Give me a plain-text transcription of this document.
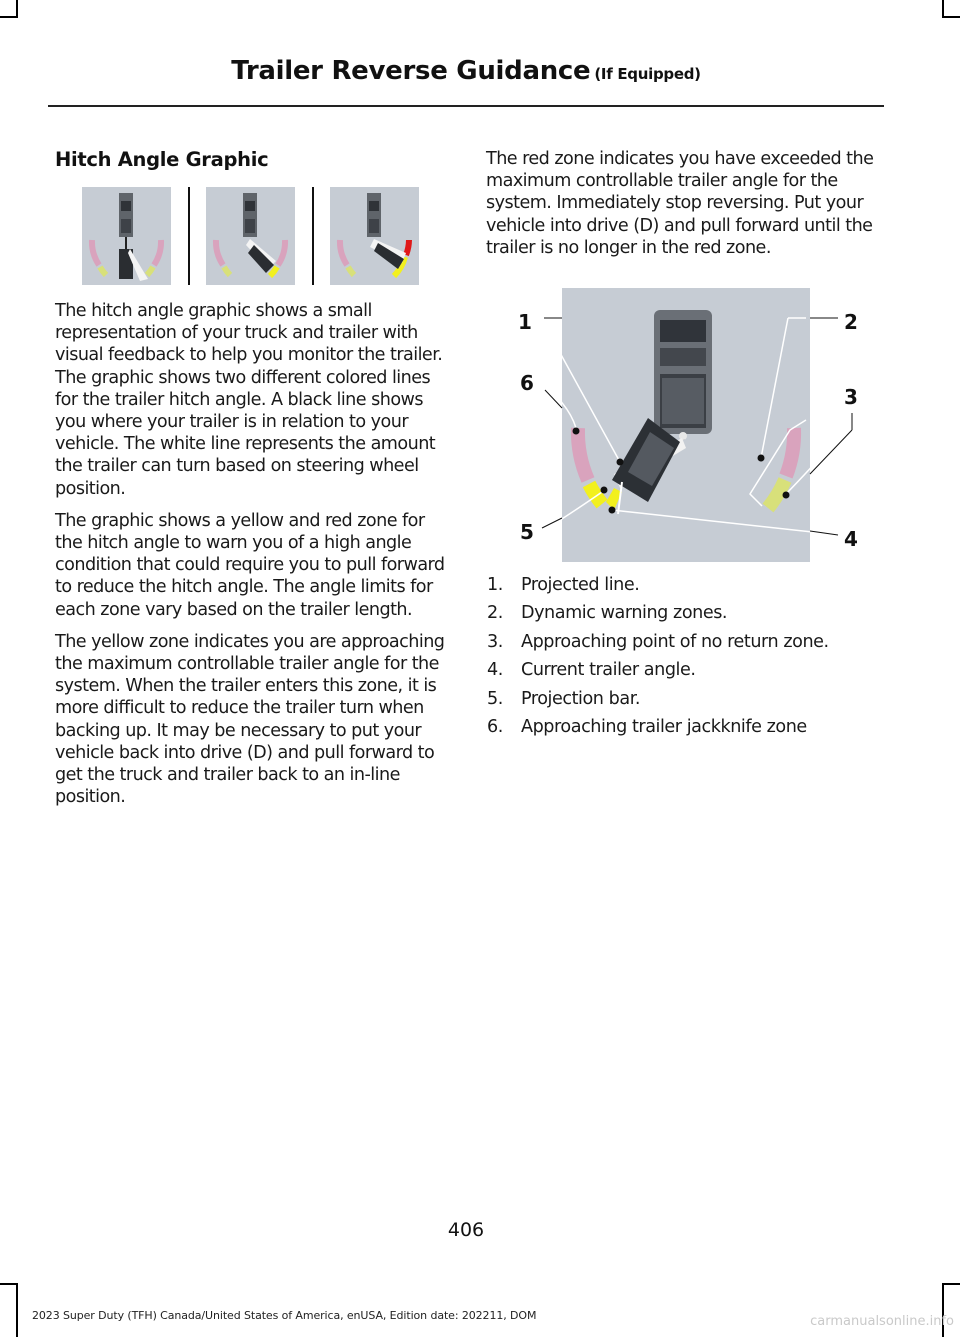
Trailer Reverse Guidance (If Equipped)
Hitch Angle Graphic

The hitch angle graphic shows a small representation of your truck and trailer with visual feedback to help you monitor the trailer. The graphic shows two different colored lines for the trailer hitch angle. A black line shows you where your trailer is in relation to your vehicle. The white line represents the amount the trailer can turn based on steering wheel position.

The graphic shows a yellow and red zone for the hitch angle to warn you of a high angle condition that could require you to pull forward to reduce the hitch angle. The angle limits for each zone vary based on the trailer length.

The yellow zone indicates you are approaching the maximum controllable trailer angle for the system. When the trailer enters this zone, it is more difficult to reduce the trailer turn when backing up. It may be necessary to put your vehicle back into drive (D) and pull forward to get the truck and trailer back to an in-line position.

The red zone indicates you have exceeded the maximum controllable trailer angle for the system. Immediately stop reversing. Put your vehicle into drive (D) and pull forward until the trailer is no longer in the red zone.

1	2
6
3
5	4
1. Projected line.
2. Dynamic warning zones.
3. Approaching point of no return zone.
4. Current trailer angle.
5. Projection bar.
6. Approaching trailer jackknife zone
406
2023 Super Duty (TFH) Canada/United States of America, enUSA, Edition date: 202211, DOM	carmanualsonline.info
